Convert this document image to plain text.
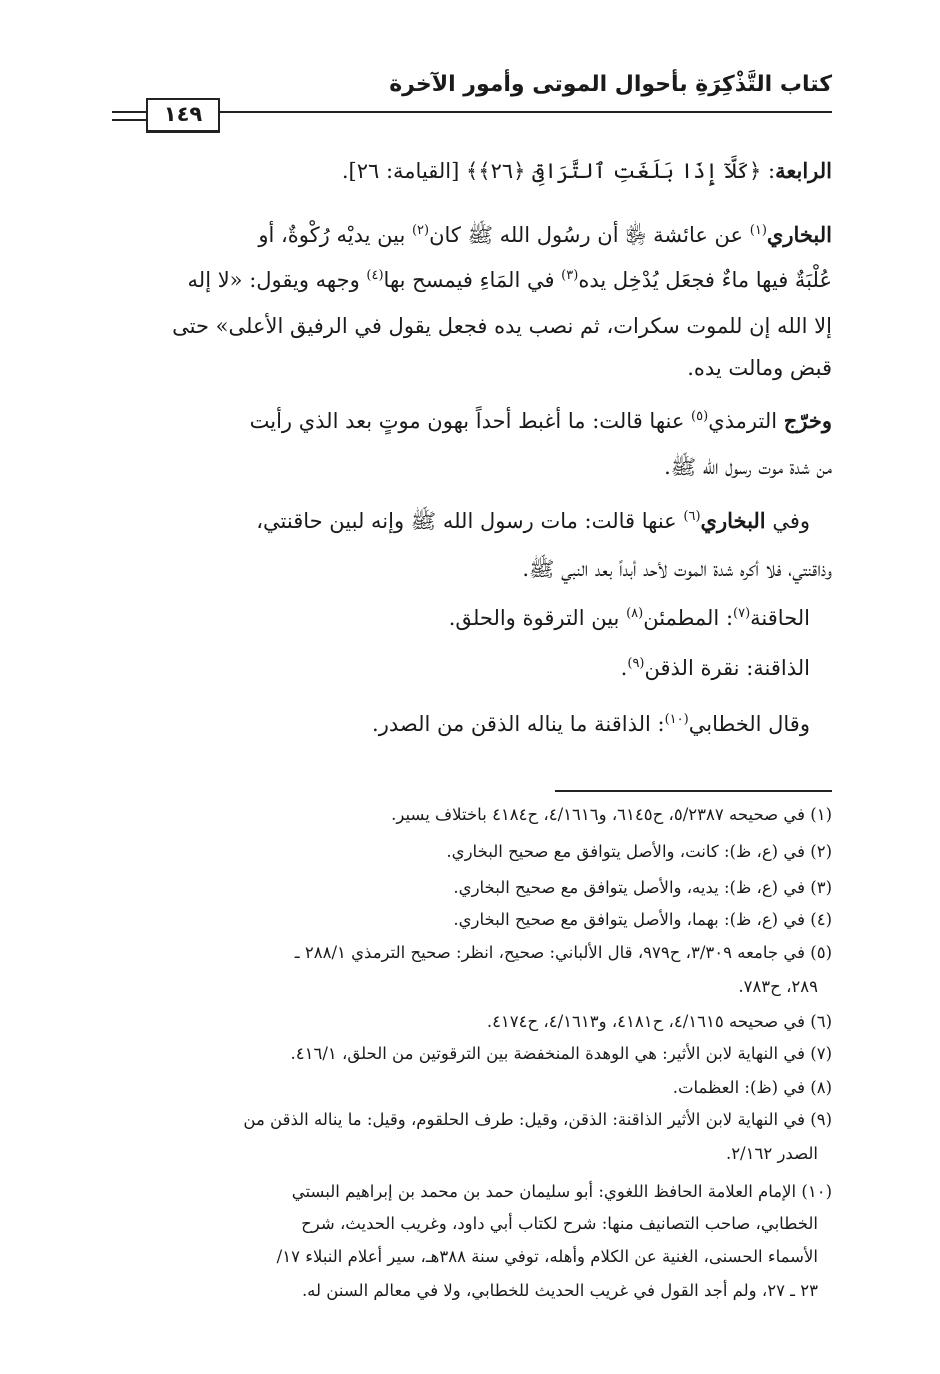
كتاب التَّذْكِرَةِ بأحوال الموتى وأمور الآخرة
١٤٩
الرابعة: ﴿كَلَّآ إِذَا بَلَغَتِ ٱلتَّرَاقِىَ ﴿٢٦﴾﴾ [القيامة: ٢٦].
البخاري$^{(١)}$ عن عائشة ﵂ أن رسُول الله ﷺ كان$^{(٢)}$ بين يديْه رُكْوةٌ، أو
عُلْبَةٌ فيها ماءٌ فجعَل يُدْخِل يده$^{(٣)}$ في المَاءِ فيمسح بها$^{(٤)}$ وجهه ويقول: «لا إله
إلا الله إن للموت سكرات، ثم نصب يده فجعل يقول في الرفيق الأعلى» حتى
قبض ومالت يده.
وخرّج الترمذي$^{(٥)}$ عنها قالت: ما أغبط أحداً بهون موتٍ بعد الذي رأيت
من شدة موت رسول الله ﷺ.
وفي البخاري$^{(٦)}$ عنها قالت: مات رسول الله ﷺ وإنه لبين حاقنتي،
وذاقنتي، فلا أكره شدة الموت لأحد أبداً بعد النبي ﷺ.
الحاقنة$^{(٧)}$: المطمئن$^{(٨)}$ بين الترقوة والحلق.
الذاقنة: نقرة الذقن$^{(٩)}$.
وقال الخطابي$^{(١٠)}$: الذاقنة ما يناله الذقن من الصدر.
(١) في صحيحه ٥/٢٣٨٧، ح٦١٤٥، و٤/١٦١٦، ح٤١٨٤ باختلاف يسير.
(٢) في (ع، ظ): كانت، والأصل يتوافق مع صحيح البخاري.
(٣) في (ع، ظ): يديه، والأصل يتوافق مع صحيح البخاري.
(٤) في (ع، ظ): بهما، والأصل يتوافق مع صحيح البخاري.
(٥) في جامعه ٣/٣٠٩، ح٩٧٩، قال الألباني: صحيح، انظر: صحيح الترمذي ٢٨٨/١ ـ
٢٨٩، ح٧٨٣.
(٦) في صحيحه ٤/١٦١٥، ح٤١٨١، و٤/١٦١٣، ح٤١٧٤.
(٧) في النهاية لابن الأثير: هي الوهدة المنخفضة بين الترقوتين من الحلق، ٤١٦/١.
(٨) في (ظ): العظمات.
(٩) في النهاية لابن الأثير الذاقنة: الذقن، وقيل: طرف الحلقوم، وقيل: ما يناله الذقن من
الصدر ٢/١٦٢.
(١٠) الإمام العلامة الحافظ اللغوي: أبو سليمان حمد بن محمد بن إبراهيم البستي
الخطابي، صاحب التصانيف منها: شرح لكتاب أبي داود، وغريب الحديث، شرح
الأسماء الحسنى، الغنية عن الكلام وأهله، توفي سنة ٣٨٨هـ، سير أعلام النبلاء ١٧/
٢٣ ـ ٢٧، ولم أجد القول في غريب الحديث للخطابي، ولا في معالم السنن له.
